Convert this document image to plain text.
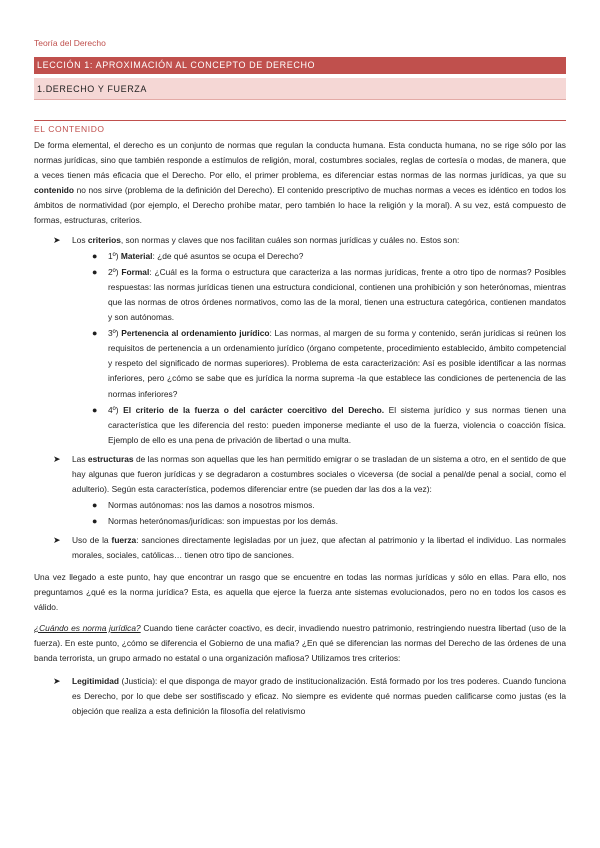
Teoría del Derecho
LECCIÓN 1: APROXIMACIÓN AL CONCEPTO DE DERECHO
1.DERECHO Y FUERZA
EL CONTENIDO

De forma elemental, el derecho es un conjunto de normas que regulan la conducta humana. Esta conducta humana, no se rige sólo por las normas jurídicas, sino que también responde a estímulos de religión, moral, costumbres sociales, reglas de cortesía o modas, de manera, que a veces tienen más eficacia que el Derecho. Por ello, el primer problema, es diferenciar estas normas de las normas jurídicas, ya que su contenido no nos sirve (problema de la definición del Derecho). El contenido prescriptivo de muchas normas a veces es idéntico en todos los ámbitos de normatividad (por ejemplo, el Derecho prohíbe matar, pero también lo hace la religión y la moral). A su vez, está compuesto de formas, estructuras, criterios.

➤ Los criterios, son normas y claves que nos facilitan cuáles son normas jurídicas y cuáles no. Estos son:
● 1º) Material: ¿de qué asuntos se ocupa el Derecho?
● 2º) Formal: ¿Cuál es la forma o estructura que caracteriza a las normas jurídicas, frente a otro tipo de normas? Posibles respuestas: las normas jurídicas tienen una estructura condicional, contienen una prohibición y son heterónomas, mientras que las normas de otros órdenes normativos, como las de la moral, tienen una estructura categórica, contienen mandatos y son autónomas.
● 3º) Pertenencia al ordenamiento jurídico: Las normas, al margen de su forma y contenido, serán jurídicas si reúnen los requisitos de pertenencia a un ordenamiento jurídico (órgano competente, procedimiento establecido, ámbito competencial y respeto del significado de normas superiores). Problema de esta caracterización: Así es posible identificar a las normas inferiores, pero ¿cómo se sabe que es jurídica la norma suprema -la que establece las condiciones de pertenencia de las normas inferiores?
● 4º) El criterio de la fuerza o del carácter coercitivo del Derecho. El sistema jurídico y sus normas tienen una característica que les diferencia del resto: pueden imponerse mediante el uso de la fuerza, violencia o coacción física. Ejemplo de ello es una pena de privación de libertad o una multa.
➤ Las estructuras de las normas son aquellas que les han permitido emigrar o se trasladan de un sistema a otro, en el sentido de que hay algunas que fueron jurídicas y se degradaron a costumbres sociales o viceversa (de social a penal/de penal a social, como el adulterio). Según esta característica, podemos diferenciar entre (se pueden dar las dos a la vez):
● Normas autónomas: nos las damos a nosotros mismos.
● Normas heterónomas/jurídicas: son impuestas por los demás.
➤ Uso de la fuerza: sanciones directamente legisladas por un juez, que afectan al patrimonio y la libertad el individuo. Las normales morales, sociales, católicas… tienen otro tipo de sanciones.

Una vez llegado a este punto, hay que encontrar un rasgo que se encuentre en todas las normas jurídicas y sólo en ellas. Para ello, nos preguntamos ¿qué es la norma jurídica? Esta, es aquella que ejerce la fuerza ante sistemas evolucionados, pero no en todos los casos es válido.

¿Cuándo es norma jurídica? Cuando tiene carácter coactivo, es decir, invadiendo nuestro patrimonio, restringiendo nuestra libertad (uso de la fuerza). En este punto, ¿cómo se diferencia el Gobierno de una mafia? ¿En qué se diferencian las normas del Derecho de las órdenes de una banda terrorista, un grupo armado no estatal o una organización mafiosa? Utilizamos tres criterios:

➤ Legitimidad (Justicia): el que disponga de mayor grado de institucionalización. Está formado por los tres poderes. Cuando funciona es Derecho, por lo que debe ser sostifiscado y eficaz. No siempre es evidente qué normas pueden calificarse como justas (es la objeción que realiza a esta definición la filosofía del relativismo
